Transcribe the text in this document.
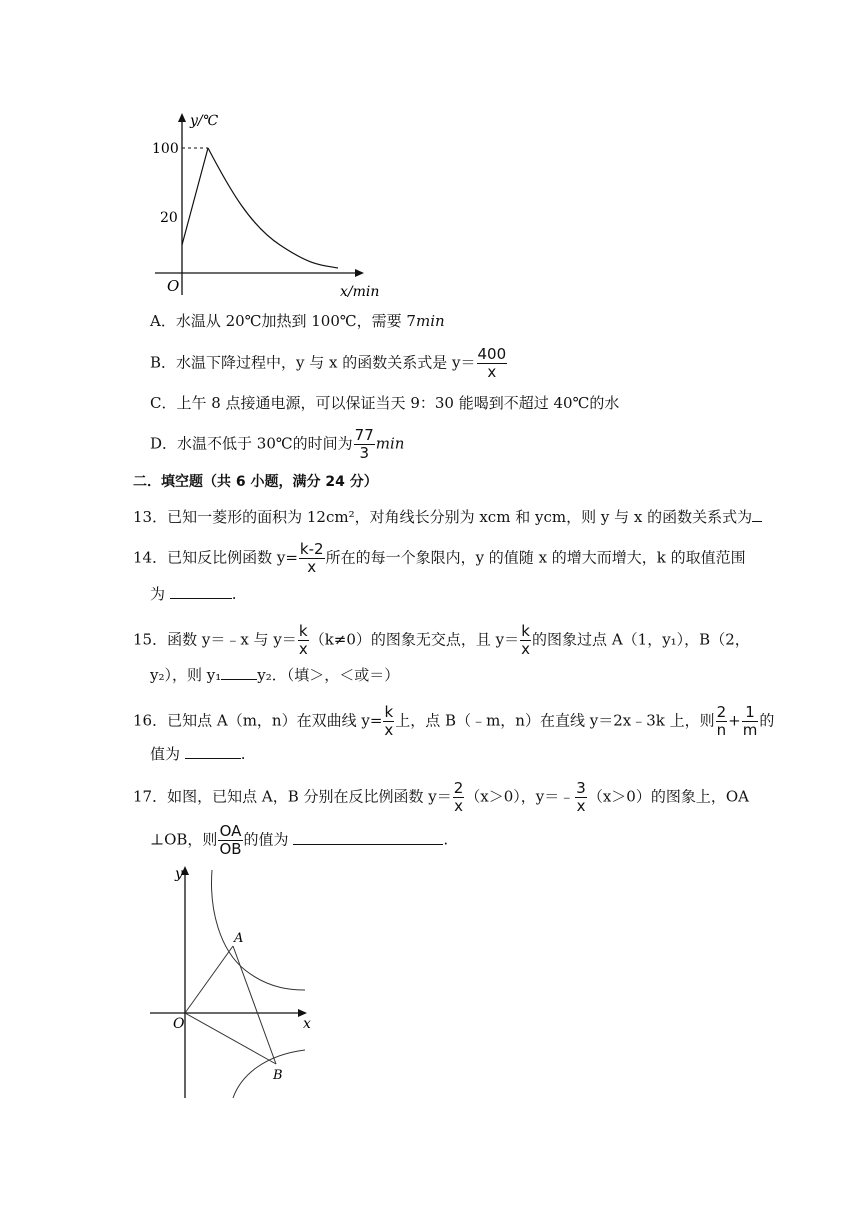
y/℃
x/min
O
100
20
A．水温从 20℃加热到 100℃，需要 7min
B．水温下降过程中，y 与 x 的函数关系式是 $y= \frac{400}{x}$
C．上午 8 点接通电源，可以保证当天 9：30 能喝到不超过 40℃的水
D．水温不低于 30℃的时间为 $\frac{77}{3}$ min
二．填空题（共 6 小题，满分 24 分）
13．已知一菱形的面积为 12cm²，对角线长分别为 xcm 和 ycm，则 y 与 x 的函数关系式为
14．已知反比例函数 $y= \frac{k-2}{x}$ 所在的每一个象限内，y 的值随 x 的增大而增大，k 的取值范围
为	.
15．函数 y＝﹣x 与 $y= \frac{k}{x} (k\ne 0)$的图象无交点，且 $y= \frac{k}{x}$ 的图象过点 A（1，y₁），B（2，
y₂），则 y₁ y₂．（填＞，＜或＝）
16．已知点 A（m，n）在双曲线 $y= \frac{k}{x}$ 上，点 B（﹣m，n）在直线 y＝2x﹣3k 上，则 $\frac{2}{n} + \frac{1}{m}$ 的
值为	.
17．如图，已知点 A，B 分别在反比例函数 $y= \frac{2}{x} (x>0)$，y＝﹣ $\frac{3}{x} (x>0)$的图象上，OA
⊥OB，则 $\frac{OA}{OB}$ 的值为	.
y
x
O
A
B
